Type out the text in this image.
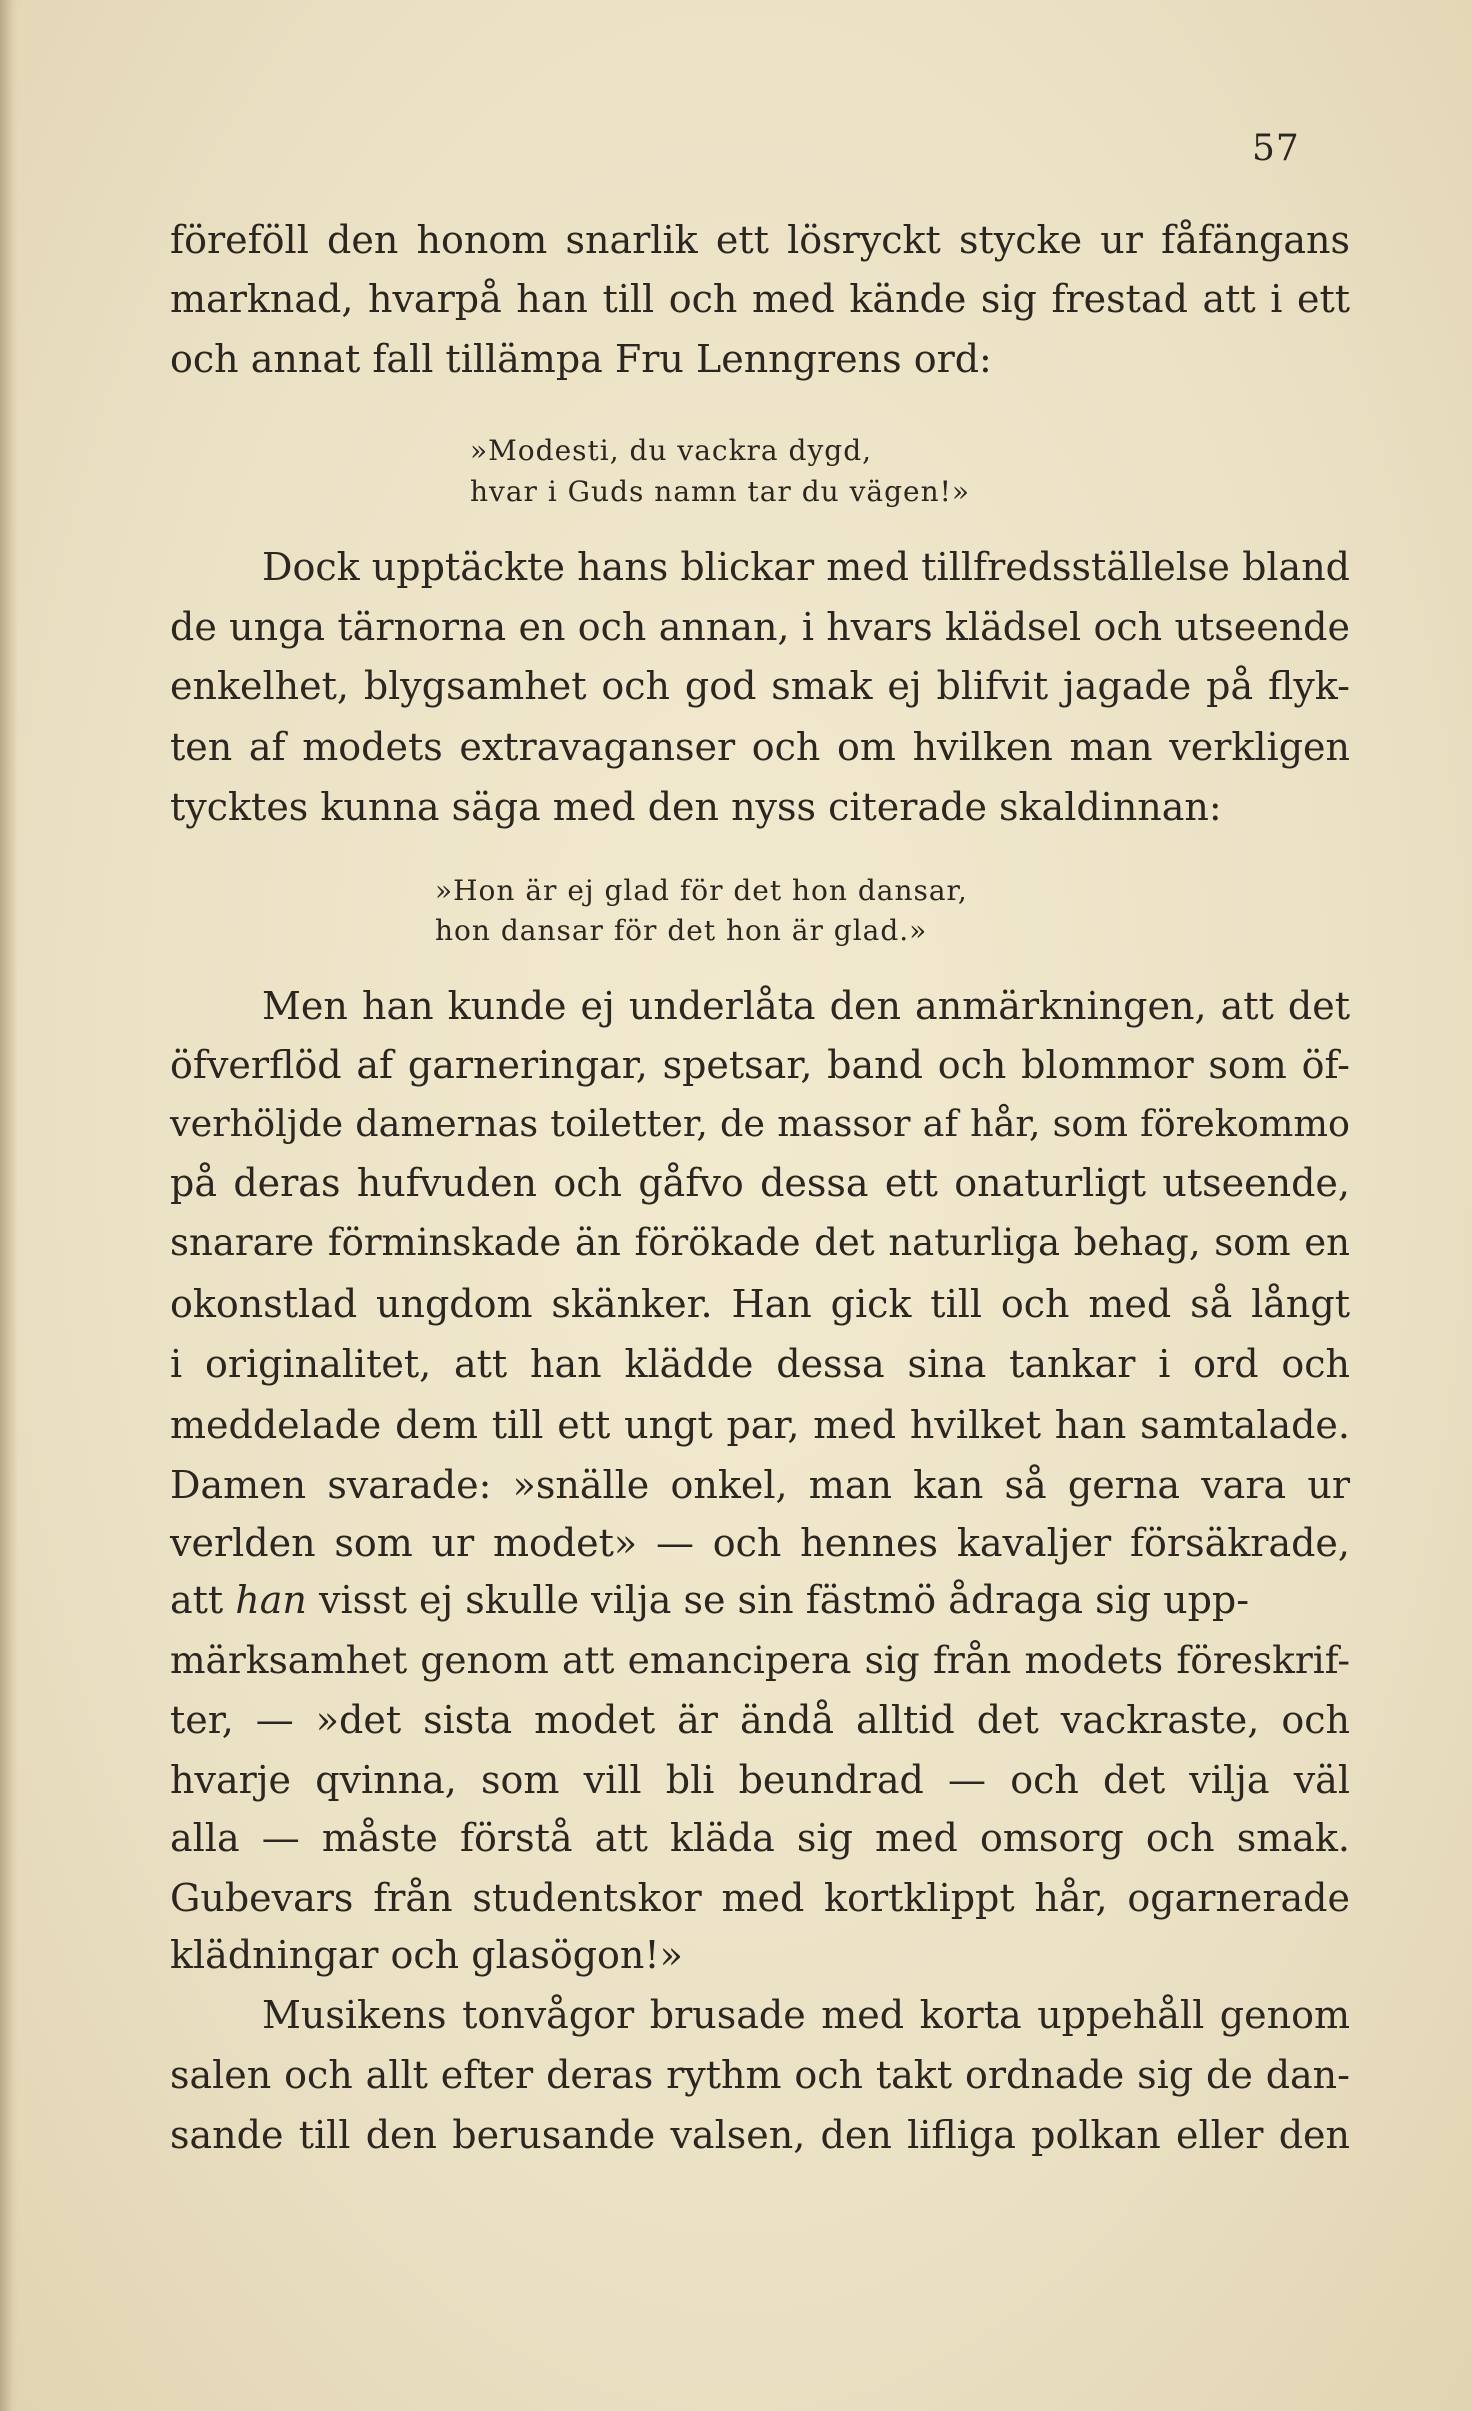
57
föreföll den honom snarlik ett lösryckt stycke ur fåfängans
marknad, hvarpå han till och med kände sig frestad att i ett
och annat fall tillämpa Fru Lenngrens ord:
»Modesti, du vackra dygd,
hvar i Guds namn tar du vägen!»
Dock upptäckte hans blickar med tillfredsställelse bland
de unga tärnorna en och annan, i hvars klädsel och utseende
enkelhet, blygsamhet och god smak ej blifvit jagade på flyk-
ten af modets extravaganser och om hvilken man verkligen
tycktes kunna säga med den nyss citerade skaldinnan:
»Hon är ej glad för det hon dansar,
hon dansar för det hon är glad.»
Men han kunde ej underlåta den anmärkningen, att det
öfverflöd af garneringar, spetsar, band och blommor som öf-
verhöljde damernas toiletter, de massor af hår, som förekommo
på deras hufvuden och gåfvo dessa ett onaturligt utseende,
snarare förminskade än förökade det naturliga behag, som en
okonstlad ungdom skänker. Han gick till och med så långt
i originalitet, att han klädde dessa sina tankar i ord och
meddelade dem till ett ungt par, med hvilket han samtalade.
Damen svarade: »snälle onkel, man kan så gerna vara ur
verlden som ur modet» — och hennes kavaljer försäkrade,
att han visst ej skulle vilja se sin fästmö ådraga sig upp-
märksamhet genom att emancipera sig från modets föreskrif-
ter, — »det sista modet är ändå alltid det vackraste, och
hvarje qvinna, som vill bli beundrad — och det vilja väl
alla — måste förstå att kläda sig med omsorg och smak.
Gubevars från studentskor med kortklippt hår, ogarnerade
klädningar och glasögon!»
Musikens tonvågor brusade med korta uppehåll genom
salen och allt efter deras rythm och takt ordnade sig de dan-
sande till den berusande valsen, den lifliga polkan eller den
